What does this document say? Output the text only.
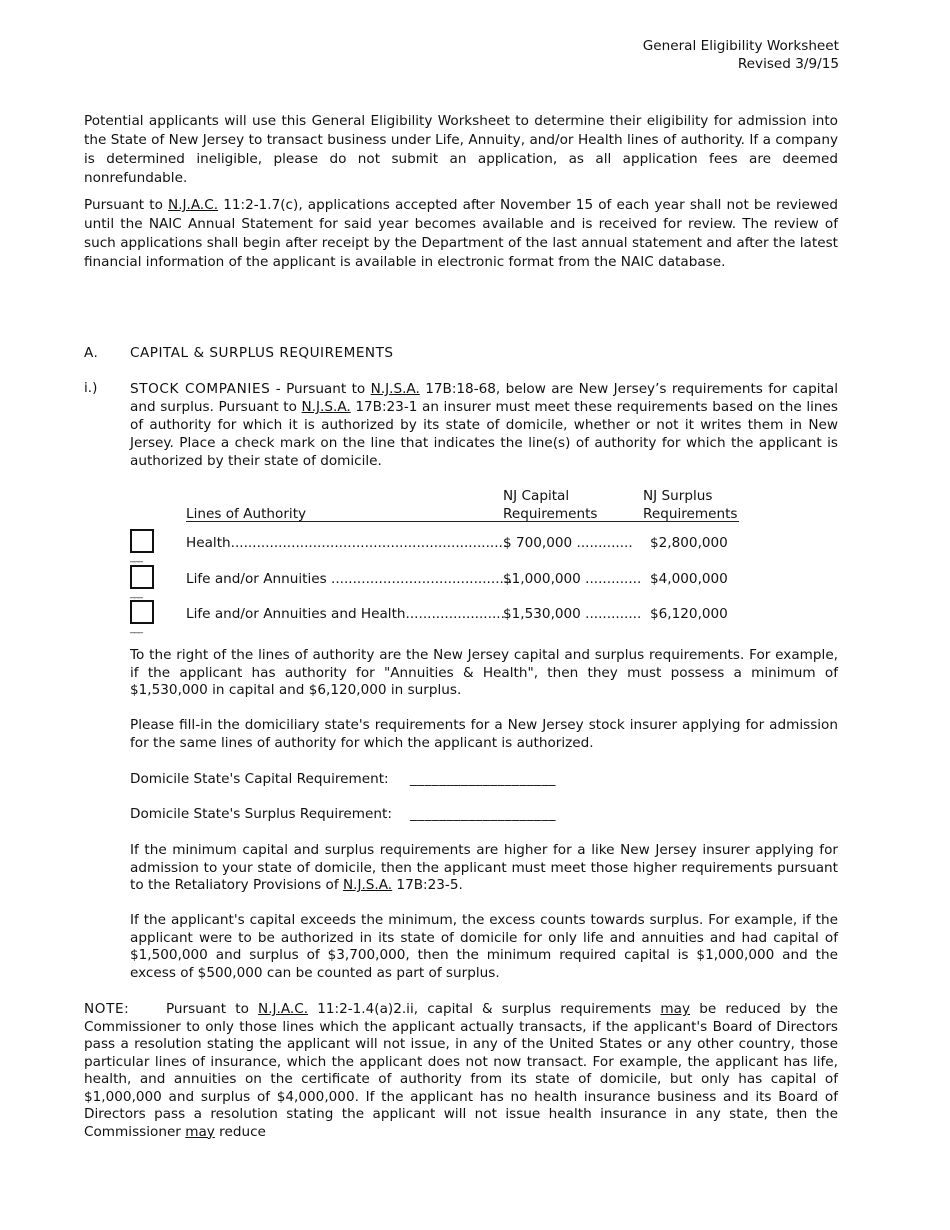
General Eligibility Worksheet
Revised 3/9/15
Potential applicants will use this General Eligibility Worksheet to determine their eligibility for admission into the State of New Jersey to transact business under Life, Annuity, and/or Health lines of authority. If a company is determined ineligible, please do not submit an application, as all application fees are deemed nonrefundable.
Pursuant to N.J.A.C. 11:2-1.7(c), applications accepted after November 15 of each year shall not be reviewed until the NAIC Annual Statement for said year becomes available and is received for review. The review of such applications shall begin after receipt by the Department of the last annual statement and after the latest financial information of the applicant is available in electronic format from the NAIC database.
A. CAPITAL & SURPLUS REQUIREMENTS
i.) STOCK COMPANIES - Pursuant to N.J.S.A. 17B:18-68, below are New Jersey’s requirements for capital and surplus. Pursuant to N.J.S.A. 17B:23-1 an insurer must meet these requirements based on the lines of authority for which it is authorized by its state of domicile, whether or not it writes them in New Jersey. Place a check mark on the line that indicates the line(s) of authority for which the applicant is authorized by their state of domicile.
Lines of Authority
NJ Capital
Requirements
NJ Surplus
Requirements
___
Health................................................................
$ 700,000 ............. $2,800,000
___
Life and/or Annuities ..........................................
$1,000,000 ............. $4,000,000
___
Life and/or Annuities and Health.......................
$1,530,000 ............. $6,120,000
To the right of the lines of authority are the New Jersey capital and surplus requirements. For example, if the applicant has authority for "Annuities & Health", then they must possess a minimum of $1,530,000 in capital and $6,120,000 in surplus.
Please fill-in the domiciliary state's requirements for a New Jersey stock insurer applying for admission for the same lines of authority for which the applicant is authorized.
Domicile State's Capital Requirement: ____________________
Domicile State's Surplus Requirement: ____________________
If the minimum capital and surplus requirements are higher for a like New Jersey insurer applying for admission to your state of domicile, then the applicant must meet those higher requirements pursuant to the Retaliatory Provisions of N.J.S.A. 17B:23-5.
If the applicant's capital exceeds the minimum, the excess counts towards surplus. For example, if the applicant were to be authorized in its state of domicile for only life and annuities and had capital of $1,500,000 and surplus of $3,700,000, then the minimum required capital is $1,000,000 and the excess of $500,000 can be counted as part of surplus.
NOTE:    Pursuant to N.J.A.C. 11:2-1.4(a)2.ii, capital & surplus requirements may be reduced by the Commissioner to only those lines which the applicant actually transacts, if the applicant's Board of Directors pass a resolution stating the applicant will not issue, in any of the United States or any other country, those particular lines of insurance, which the applicant does not now transact. For example, the applicant has life, health, and annuities on the certificate of authority from its state of domicile, but only has capital of $1,000,000 and surplus of $4,000,000. If the applicant has no health insurance business and its Board of Directors pass a resolution stating the applicant will not issue health insurance in any state, then the Commissioner may reduce
